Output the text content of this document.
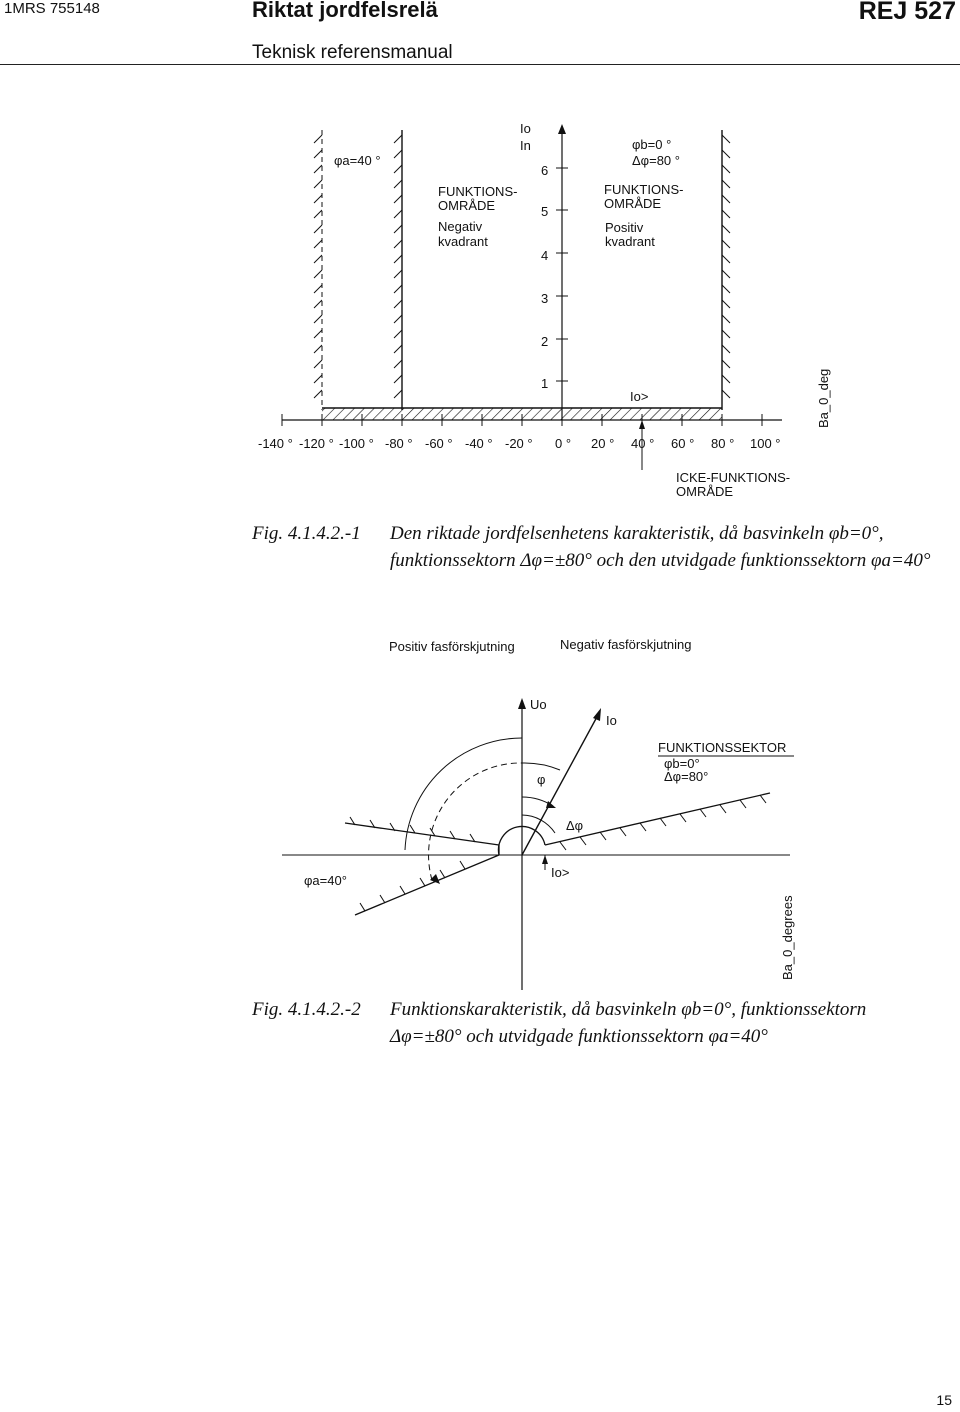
1MRS 755148	Riktat jordfelsrelä	REJ 527
Teknisk referensmanual
Io
In
6
5
4
3
2
1
-140 ° -120 ° -100 ° -80 ° -60 ° -40 ° -20 ° 0 ° 20 ° 40 ° 60 ° 80 ° 100 °
φa=40 °
FUNKTIONS-
OMRÅDE
Negativ
kvadrant
φb=0 °
Δφ=80 °
FUNKTIONS-
OMRÅDE
Positiv
kvadrant
Io>
ICKE-FUNKTIONS-
OMRÅDE
Ba_0_deg
Fig. 4.1.4.2.-1 Den riktade jordfelsenhetens karakteristik, då basvinkeln φb=0°, funktionssektorn Δφ=±80° och den utvidgade funktionssektorn φa=40°
Positiv fasförskjutning	Negativ fasförskjutning
Uo
Io
Io>
φ
Δφ
φa=40°
FUNKTIONSSEKTOR
φb=0°
Δφ=80°
Ba_0_degrees
Fig. 4.1.4.2.-2 Funktionskarakteristik, då basvinkeln φb=0°, funktionssektorn Δφ=±80° och utvidgade funktionssektorn φa=40°
15
